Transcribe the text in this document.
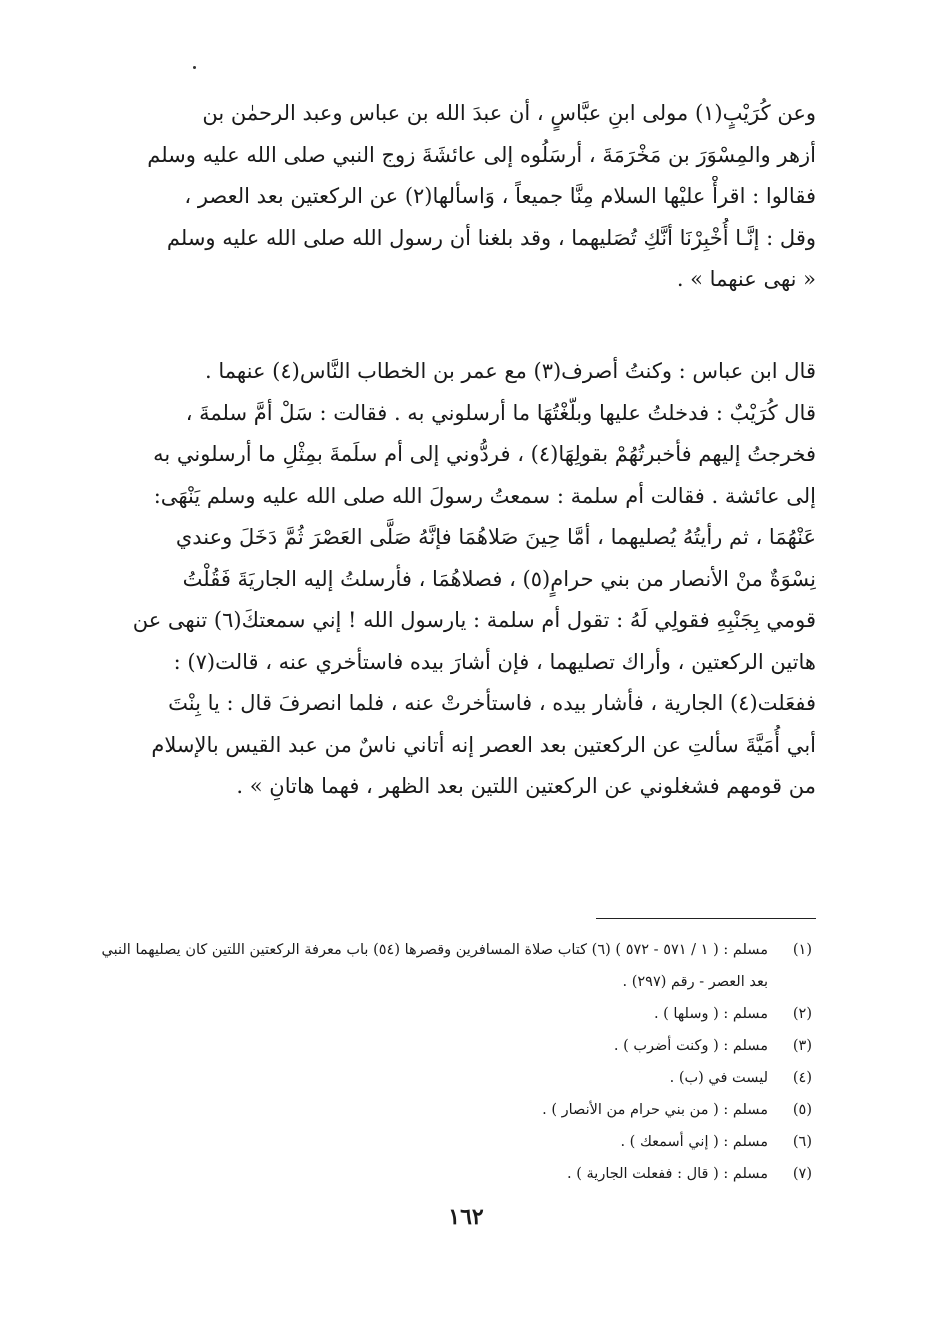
وعن كُرَيْبٍ(١) مولى ابنِ عبَّاسٍ ، أن عبدَ الله بن عباس وعبد الرحمٰن بن
أزهر والمِسْوَرَ بن مَخْرَمَةَ ، أرسَلُوه إلى عائشَةَ زوج النبي صلى الله عليه وسلم
فقالوا : اقرأْ عليْها السلام مِنَّا جميعاً ، وَاسألها(٢) عن الركعتين بعد العصر ،
وقل : إنَّـا أُخْبِرْنَا أنَّكِ تُصَليهما ، وقد بلغنا أن رسول الله صلى الله عليه وسلم
« نهى عنهما » .
قال ابن عباس : وكنتُ أصرف(٣) مع عمر بن الخطاب النَّاس(٤) عنهما .
قال كُرَيْبٌ : فدخلتُ عليها وبلّغْتُهَا ما أرسلوني به . فقالت : سَلْ أمَّ سلمةَ ،
فخرجتُ إليهم فأخبرتُهُمْ بقولِهَا(٤) ، فردُّوني إلى أم سلَمةَ بمِثْلِ ما أرسلوني به
إلى عائشة . فقالت أم سلمة : سمعتُ رسولَ الله صلى الله عليه وسلم يَنْهَى:
عَنْهُمَا ، ثم رأيتُهُ يُصليهما ، أمَّا حِينَ صَلاهُمَا فإنَّهُ صَلَّى العَصْرَ ثُمَّ دَخَلَ وعندي
نِسْوَةٌ منْ الأنصار من بني حرامٍ(٥) ، فصلاهُمَا ، فأرسلتُ إليه الجاريَةَ فَقُلْتُ
قومي بِجَنْبِهِ فقولِي لَهُ : تقول أم سلمة : يارسول الله ! إني سمعتكَ(٦) تنهى عن
هاتين الركعتين ، وأراك تصليهما ، فإن أشارَ بيده فاستأخري عنه ، قالت(٧) :
ففعَلت(٤) الجارية ، فأشار بيده ، فاستأخرتْ عنه ، فلما انصرفَ قال : يا بِنْتَ
أبي أُمَيَّةَ سألتِ عن الركعتين بعد العصر إنه أتاني ناسٌ من عبد القيس بالإسلام
من قومهم فشغلوني عن الركعتين اللتين بعد الظهر ، فهما هاتانِ » .
(١)
مسلم : ( ١ / ٥٧١ - ٥٧٢ ) (٦) كتاب صلاة المسافرين وقصرها (٥٤) باب معرفة الركعتين اللتين كان يصليهما النبي بعد العصر - رقم (٢٩٧) .
(٢)
مسلم : ( وسلها ) .
(٣)
مسلم : ( وكنت أضرب ) .
(٤)
ليست في (ب) .
(٥)
مسلم : ( من بني حرام من الأنصار ) .
(٦)
مسلم : ( إني أسمعك ) .
(٧)
مسلم : ( قال : ففعلت الجارية ) .
١٦٢
